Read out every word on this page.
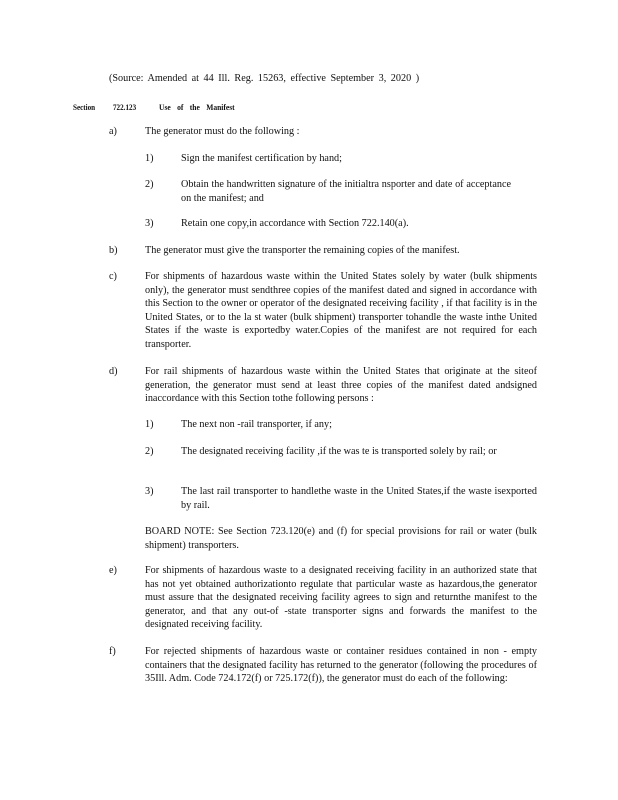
(Source: Amended at 44 Ill. Reg. 15263, effective September 3, 2020 )
Section 722.123	Use of the Manifest
a)	The generator must do the following :
1)	Sign the manifest certification by hand;
2)	Obtain the handwritten signature of the initialtra nsporter and date of acceptance on the manifest; and
3)	Retain one copy,in accordance with Section 722.140(a).
b)	The generator must give the transporter the remaining copies of the manifest.
c)	For shipments of hazardous waste within the United States solely by water (bulk shipments only), the generator must sendthree copies of the manifest dated and signed in accordance with this Section to the owner or operator of the designated receiving facility , if that facility is in the United States, or to the la st water (bulk shipment) transporter tohandle the waste inthe United States if the waste is exportedby water.Copies of the manifest are not required for each transporter.
d)	For rail shipments of hazardous waste within the United States that originate at the siteof generation, the generator must send at least three copies of the manifest dated andsigned inaccordance with this Section tothe following persons :
1)	The next non -rail transporter, if any;
2)	The designated receiving facility ,if the was te is transported solely by rail; or
3)	The last rail transporter to handlethe waste in the United States,if the waste isexported by rail.
BOARD NOTE: See Section 723.120(e) and (f) for special provisions for rail or water (bulk shipment) transporters.
e)	For shipments of hazardous waste to a designated receiving facility in an authorized state that has not yet obtained authorizationto regulate that particular waste as hazardous,the generator must assure that the designated receiving facility agrees to sign and returnthe manifest to the generator, and that any out-of -state transporter signs and forwards the manifest to the designated receiving facility.
f)	For rejected shipments of hazardous waste or container residues contained in non - empty containers that the designated facility has returned to the generator (following the procedures of 35Ill. Adm. Code 724.172(f) or 725.172(f)), the generator must do each of the following:
